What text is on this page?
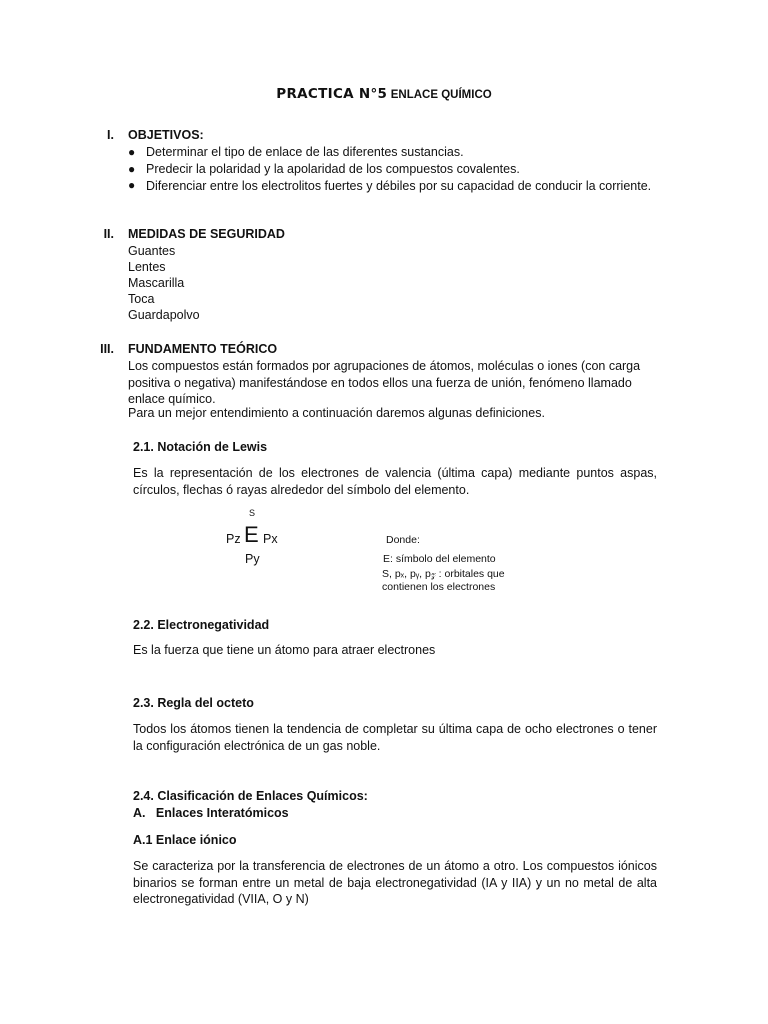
PRACTICA N°5 ENLACE QUÍMICO
I. OBJETIVOS:
● Determinar el tipo de enlace de las diferentes sustancias.
● Predecir la polaridad y la apolaridad de los compuestos covalentes.
● Diferenciar entre los electrolitos fuertes y débiles por su capacidad de conducir la corriente.
II. MEDIDAS DE SEGURIDAD
Guantes
Lentes
Mascarilla
Toca
Guardapolvo
III. FUNDAMENTO TEÓRICO
Los compuestos están formados por agrupaciones de átomos, moléculas o iones (con carga positiva o negativa) manifestándose en todos ellos una fuerza de unión, fenómeno llamado enlace químico.
Para un mejor entendimiento a continuación daremos algunas definiciones.
2.1. Notación de Lewis
Es la representación de los electrones de valencia (última capa) mediante puntos aspas, círculos, flechas ó rayas alrededor del símbolo del elemento.
S
Pz E Px
Py
Donde:
E: símbolo del elemento
S, pₓ, pᵧ, p𝓏 : orbitales que
contienen los electrones
2.2. Electronegatividad
Es la fuerza que tiene un átomo para atraer electrones
2.3. Regla del octeto
Todos los átomos tienen la tendencia de completar su última capa de ocho electrones o tener la configuración electrónica de un gas noble.
2.4. Clasificación de Enlaces Químicos:
A.   Enlaces Interatómicos
A.1 Enlace iónico
Se caracteriza por la transferencia de electrones de un átomo a otro. Los compuestos iónicos binarios se forman entre un metal de baja electronegatividad (IA y IIA) y un no metal de alta electronegatividad (VIIA, O y N)
